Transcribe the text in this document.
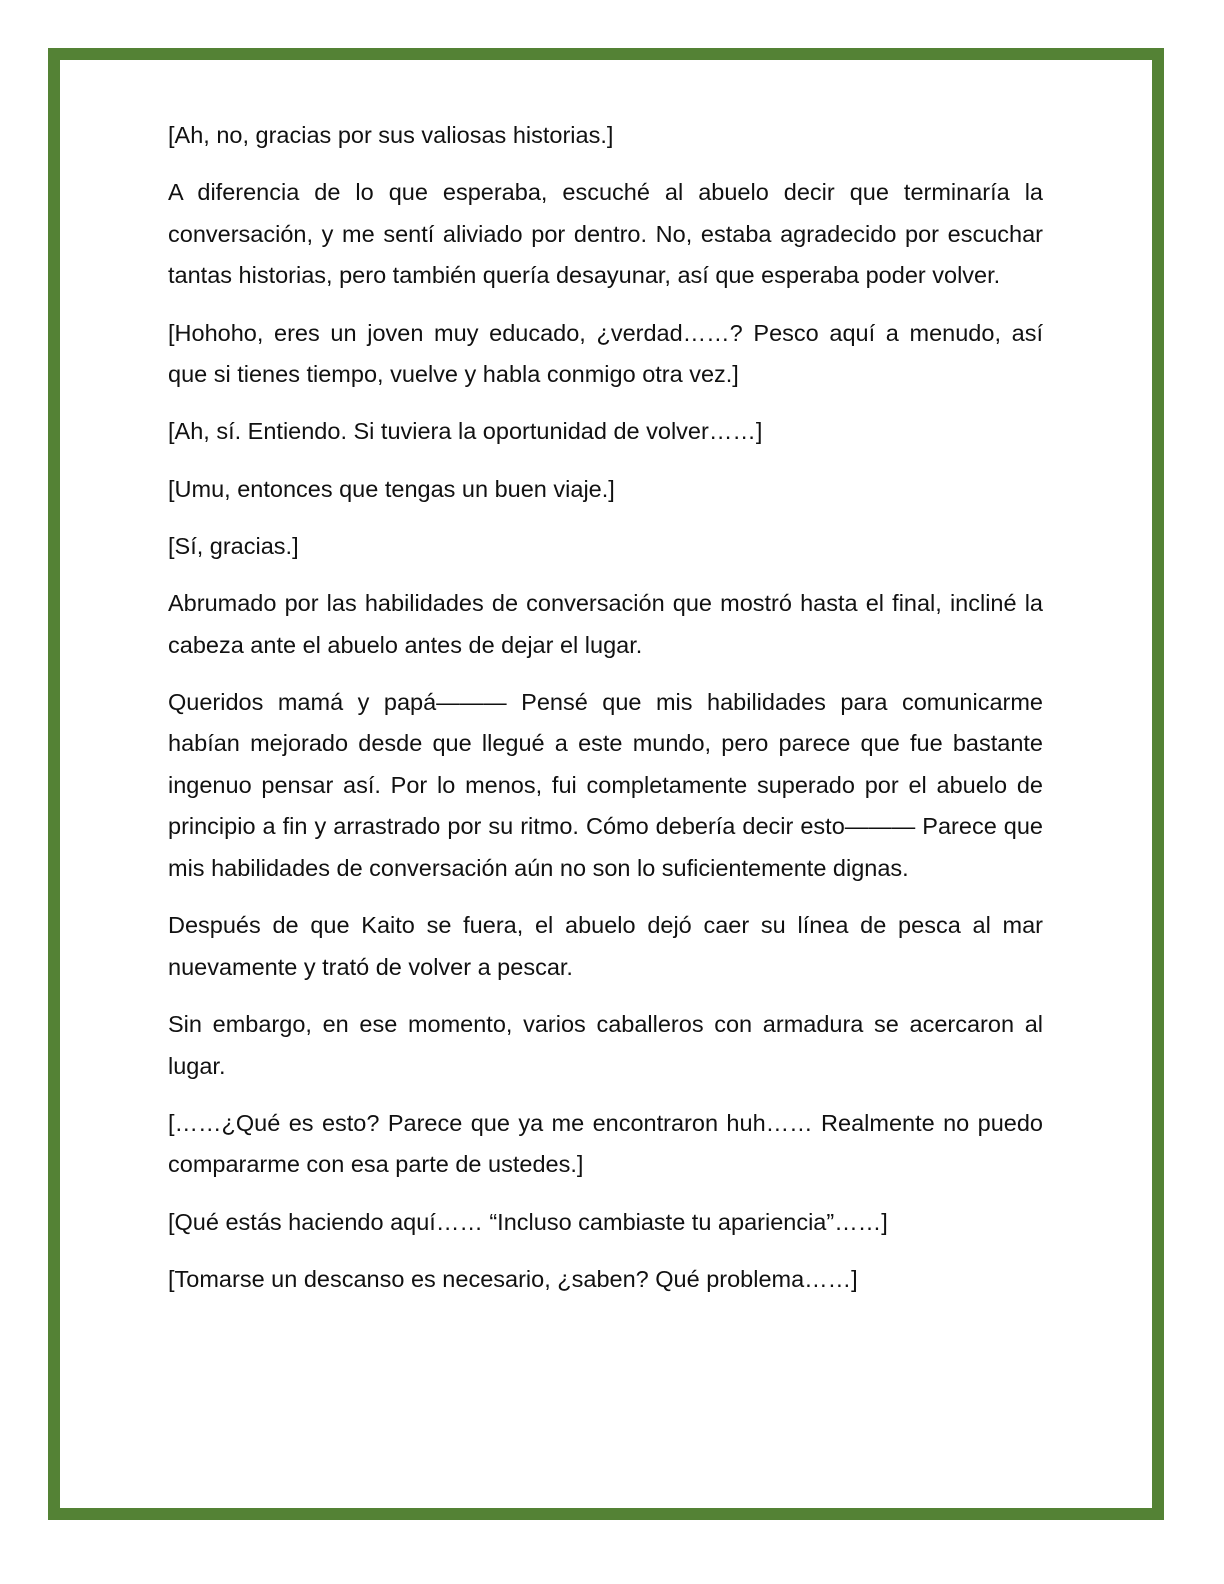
[Ah, no, gracias por sus valiosas historias.]

A diferencia de lo que esperaba, escuché al abuelo decir que terminaría la conversación, y me sentí aliviado por dentro. No, estaba agradecido por escuchar tantas historias, pero también quería desayunar, así que esperaba poder volver.

[Hohoho, eres un joven muy educado, ¿verdad……? Pesco aquí a menudo, así que si tienes tiempo, vuelve y habla conmigo otra vez.]

[Ah, sí. Entiendo. Si tuviera la oportunidad de volver……]

[Umu, entonces que tengas un buen viaje.]

[Sí, gracias.]

Abrumado por las habilidades de conversación que mostró hasta el final, incliné la cabeza ante el abuelo antes de dejar el lugar.

Queridos mamá y papá——— Pensé que mis habilidades para comunicarme habían mejorado desde que llegué a este mundo, pero parece que fue bastante ingenuo pensar así. Por lo menos, fui completamente superado por el abuelo de principio a fin y arrastrado por su ritmo. Cómo debería decir esto——— Parece que mis habilidades de conversación aún no son lo suficientemente dignas.

Después de que Kaito se fuera, el abuelo dejó caer su línea de pesca al mar nuevamente y trató de volver a pescar.

Sin embargo, en ese momento, varios caballeros con armadura se acercaron al lugar.

[……¿Qué es esto? Parece que ya me encontraron huh…… Realmente no puedo compararme con esa parte de ustedes.]

[Qué estás haciendo aquí…… “Incluso cambiaste tu apariencia”……]

[Tomarse un descanso es necesario, ¿saben? Qué problema……]
